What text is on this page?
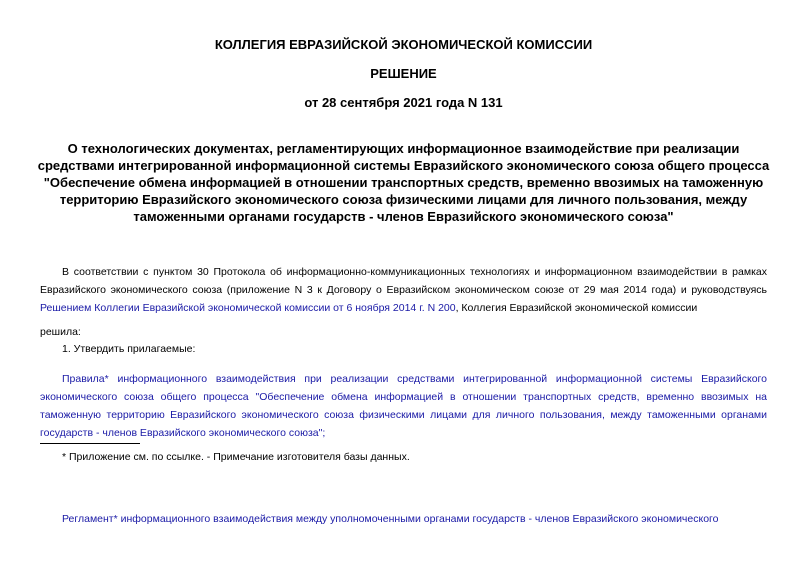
КОЛЛЕГИЯ ЕВРАЗИЙСКОЙ ЭКОНОМИЧЕСКОЙ КОМИССИИ
РЕШЕНИЕ
от 28 сентября 2021 года N 131
О технологических документах, регламентирующих информационное взаимодействие при реализации средствами интегрированной информационной системы Евразийского экономического союза общего процесса "Обеспечение обмена информацией в отношении транспортных средств, временно ввозимых на таможенную территорию Евразийского экономического союза физическими лицами для личного пользования, между таможенными органами государств - членов Евразийского экономического союза"
В соответствии с пунктом 30 Протокола об информационно-коммуникационных технологиях и информационном взаимодействии в рамках Евразийского экономического союза (приложение N 3 к Договору о Евразийском экономическом союзе от 29 мая 2014 года) и руководствуясь Решением Коллегии Евразийской экономической комиссии от 6 ноября 2014 г. N 200, Коллегия Евразийской экономической комиссии
решила:
1. Утвердить прилагаемые:
Правила* информационного взаимодействия при реализации средствами интегрированной информационной системы Евразийского экономического союза общего процесса "Обеспечение обмена информацией в отношении транспортных средств, временно ввозимых на таможенную территорию Евразийского экономического союза физическими лицами для личного пользования, между таможенными органами государств - членов Евразийского экономического союза";
* Приложение см. по ссылке. - Примечание изготовителя базы данных.
Регламент* информационного взаимодействия между уполномоченными органами государств - членов Евразийского экономического
